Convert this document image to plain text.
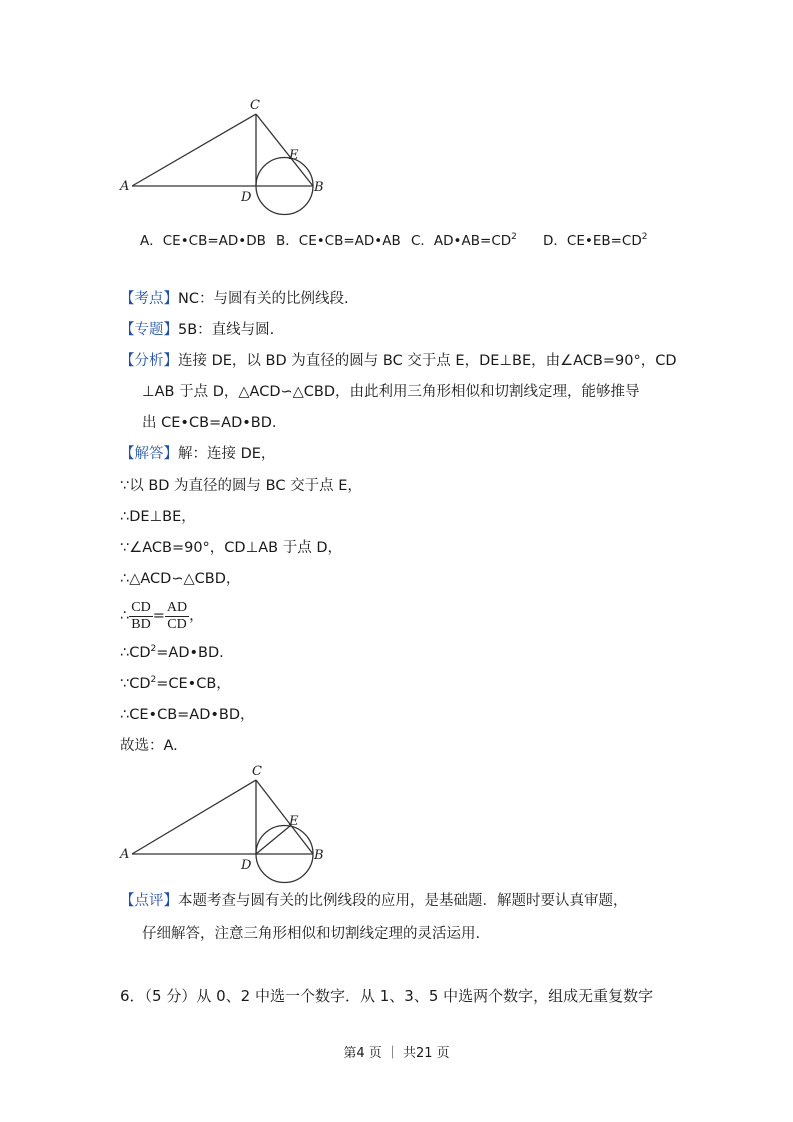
C
E
A
D
B
A．CE•CB=AD•DB B．CE•CB=AD•AB C．$AD•AB=CD^2$ D．$CE•EB=CD^2$
【考点】NC：与圆有关的比例线段.
【专题】5B：直线与圆.
【分析】连接 DE，以 BD 为直径的圆与 BC 交于点 E，DE⊥BE，由∠ACB=90°，CD
⊥AB 于点 D，△ACD∽△CBD，由此利用三角形相似和切割线定理，能够推导
出 CE•CB=AD•BD.
【解答】解：连接 DE，
∵以 BD 为直径的圆与 BC 交于点 E，
∴DE⊥BE，
∵∠ACB=90°，CD⊥AB 于点 D，
∴△ACD∽△CBD，
∴ $\frac{CD}{BD} = \frac{AD}{CD}$ ，
$\therefore CD^2=AD•BD$.
$\because CD^2=CE•CB$，
∴CE•CB=AD•BD，
故选：A.
C
E
A
D
B
【点评】本题考查与圆有关的比例线段的应用，是基础题．解题时要认真审题，
仔细解答，注意三角形相似和切割线定理的灵活运用.
6．（5 分）从 0、2 中选一个数字．从 1、3、5 中选两个数字，组成无重复数字
第4 页 ｜ 共21 页
